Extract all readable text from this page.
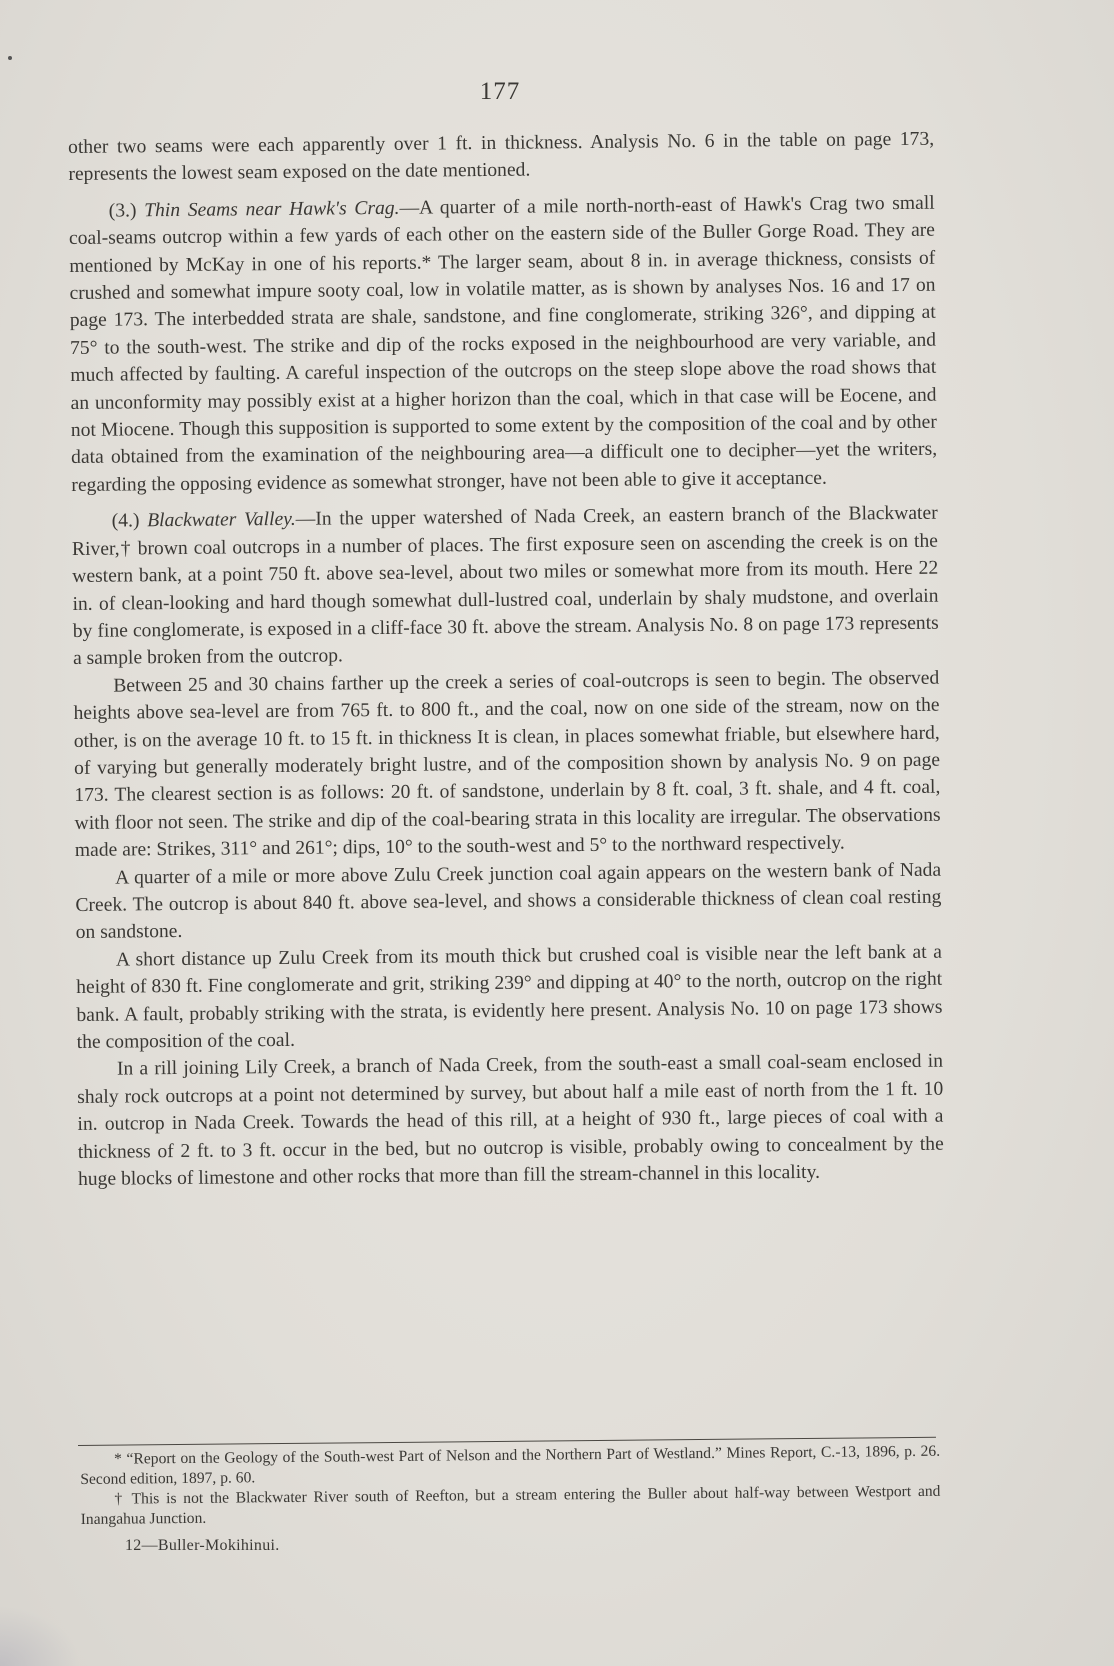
177

other two seams were each apparently over 1 ft. in thickness. Analysis No. 6 in the table on page 173, represents the lowest seam exposed on the date mentioned.

(3.) Thin Seams near Hawk's Crag.—A quarter of a mile north-north-east of Hawk's Crag two small coal-seams outcrop within a few yards of each other on the eastern side of the Buller Gorge Road. They are mentioned by McKay in one of his reports.* The larger seam, about 8 in. in average thickness, consists of crushed and somewhat impure sooty coal, low in volatile matter, as is shown by analyses Nos. 16 and 17 on page 173. The interbedded strata are shale, sandstone, and fine conglomerate, striking 326°, and dipping at 75° to the south-west. The strike and dip of the rocks exposed in the neighbourhood are very variable, and much affected by faulting. A careful inspection of the outcrops on the steep slope above the road shows that an unconformity may possibly exist at a higher horizon than the coal, which in that case will be Eocene, and not Miocene. Though this supposition is supported to some extent by the composition of the coal and by other data obtained from the examination of the neighbouring area—a difficult one to decipher—yet the writers, regarding the opposing evidence as somewhat stronger, have not been able to give it acceptance.

(4.) Blackwater Valley.—In the upper watershed of Nada Creek, an eastern branch of the Blackwater River,† brown coal outcrops in a number of places. The first exposure seen on ascending the creek is on the western bank, at a point 750 ft. above sea-level, about two miles or somewhat more from its mouth. Here 22 in. of clean-looking and hard though somewhat dull-lustred coal, underlain by shaly mudstone, and overlain by fine conglomerate, is exposed in a cliff-face 30 ft. above the stream. Analysis No. 8 on page 173 represents a sample broken from the outcrop.

Between 25 and 30 chains farther up the creek a series of coal-outcrops is seen to begin. The observed heights above sea-level are from 765 ft. to 800 ft., and the coal, now on one side of the stream, now on the other, is on the average 10 ft. to 15 ft. in thickness It is clean, in places somewhat friable, but elsewhere hard, of varying but generally moderately bright lustre, and of the composition shown by analysis No. 9 on page 173. The clearest section is as follows: 20 ft. of sandstone, underlain by 8 ft. coal, 3 ft. shale, and 4 ft. coal, with floor not seen. The strike and dip of the coal-bearing strata in this locality are irregular. The observations made are: Strikes, 311° and 261°; dips, 10° to the south-west and 5° to the northward respectively.

A quarter of a mile or more above Zulu Creek junction coal again appears on the western bank of Nada Creek. The outcrop is about 840 ft. above sea-level, and shows a considerable thickness of clean coal resting on sandstone.

A short distance up Zulu Creek from its mouth thick but crushed coal is visible near the left bank at a height of 830 ft. Fine conglomerate and grit, striking 239° and dipping at 40° to the north, outcrop on the right bank. A fault, probably striking with the strata, is evidently here present. Analysis No. 10 on page 173 shows the composition of the coal.

In a rill joining Lily Creek, a branch of Nada Creek, from the south-east a small coal-seam enclosed in shaly rock outcrops at a point not determined by survey, but about half a mile east of north from the 1 ft. 10 in. outcrop in Nada Creek. Towards the head of this rill, at a height of 930 ft., large pieces of coal with a thickness of 2 ft. to 3 ft. occur in the bed, but no outcrop is visible, probably owing to concealment by the huge blocks of limestone and other rocks that more than fill the stream-channel in this locality.

* “Report on the Geology of the South-west Part of Nelson and the Northern Part of Westland.” Mines Report, C.-13, 1896, p. 26. Second edition, 1897, p. 60.

† This is not the Blackwater River south of Reefton, but a stream entering the Buller about half-way between Westport and Inangahua Junction.

12—Buller-Mokihinui.
